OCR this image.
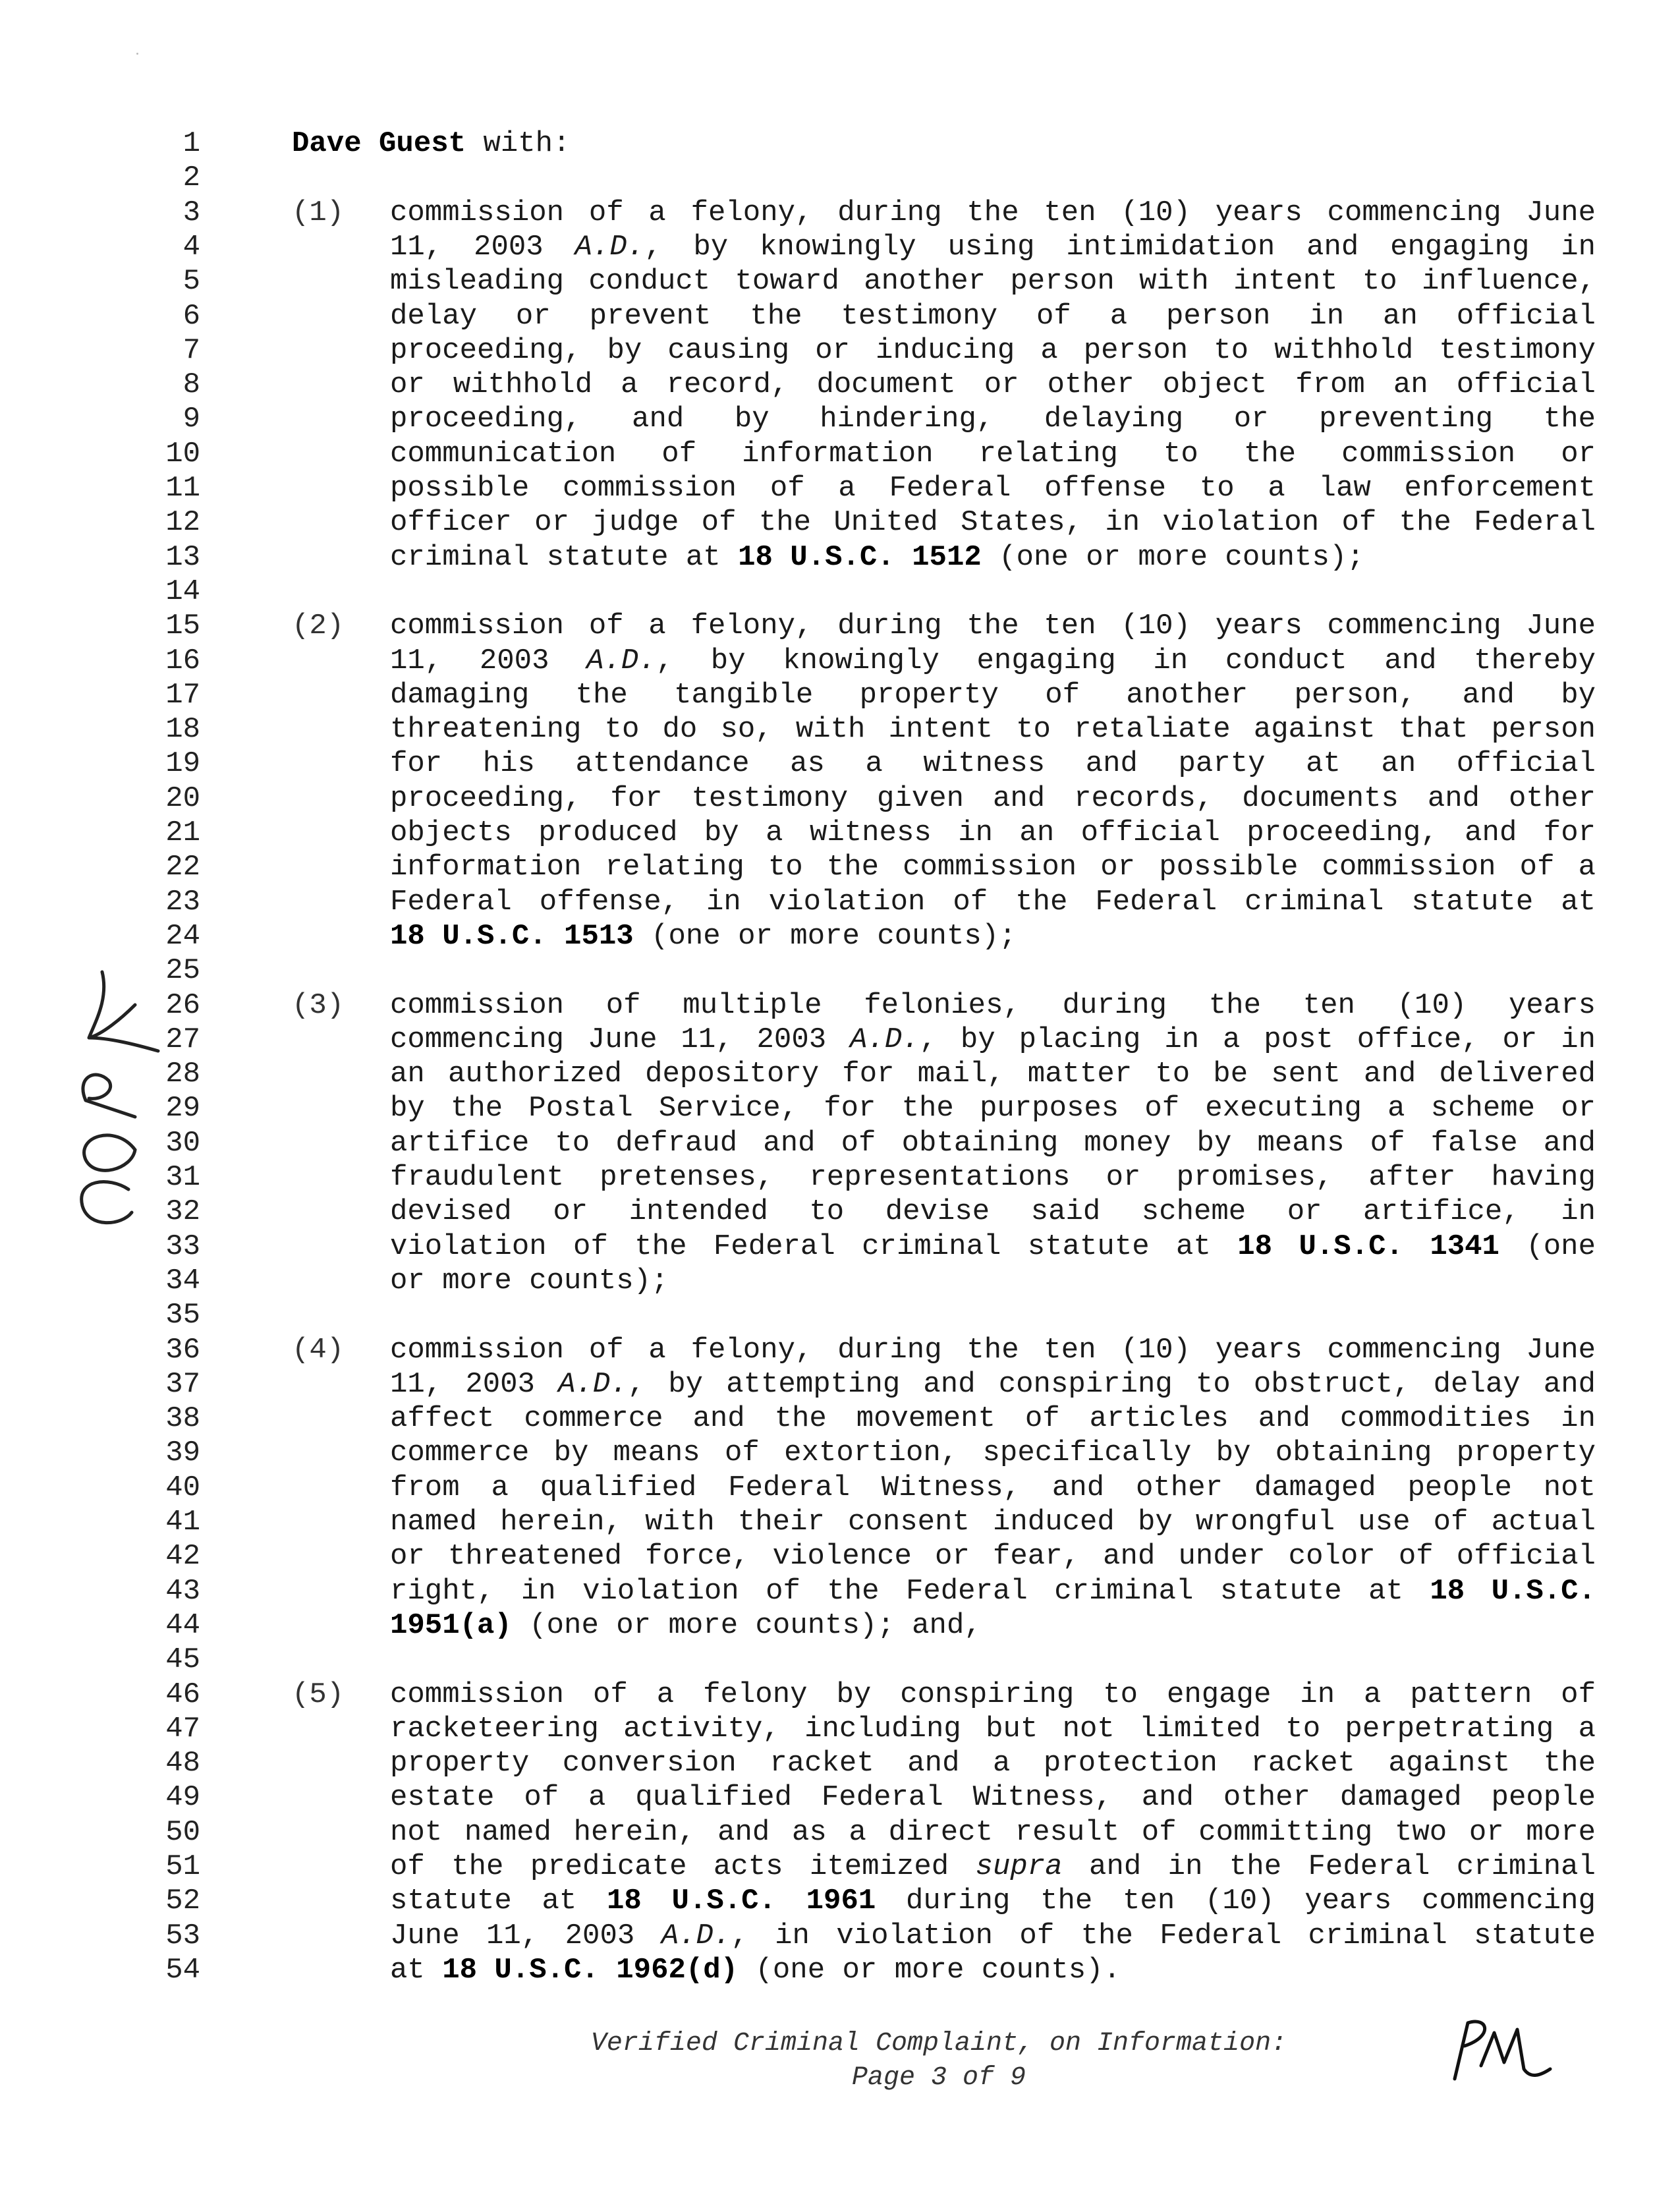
1
2
3
4
5
6
7
8
9
10
11
12
13
14
15
16
17
18
19
20
21
22
23
24
25
26
27
28
29
30
31
32
33
34
35
36
37
38
39
40
41
42
43
44
45
46
47
48
49
50
51
52
53
54
Dave Guest with:
(1)	commission of a felony, during the ten (10) years commencing June
11, 2003 A.D., by knowingly using intimidation and engaging in
misleading conduct toward another person with intent to influence,
delay or prevent the testimony of a person in an official
proceeding, by causing or inducing a person to withhold testimony
or withhold a record, document or other object from an official
proceeding, and by hindering, delaying or preventing the
communication of information relating to the commission or
possible commission of a Federal offense to a law enforcement
officer or judge of the United States, in violation of the Federal
criminal statute at 18 U.S.C. 1512 (one or more counts);
(2)	commission of a felony, during the ten (10) years commencing June
11, 2003 A.D., by knowingly engaging in conduct and thereby
damaging the tangible property of another person, and by
threatening to do so, with intent to retaliate against that person
for his attendance as a witness and party at an official
proceeding, for testimony given and records, documents and other
objects produced by a witness in an official proceeding, and for
information relating to the commission or possible commission of a
Federal offense, in violation of the Federal criminal statute at
18 U.S.C. 1513 (one or more counts);
(3)	commission of multiple felonies, during the ten (10) years
commencing June 11, 2003 A.D., by placing in a post office, or in
an authorized depository for mail, matter to be sent and delivered
by the Postal Service, for the purposes of executing a scheme or
artifice to defraud and of obtaining money by means of false and
fraudulent pretenses, representations or promises, after having
devised or intended to devise said scheme or artifice, in
violation of the Federal criminal statute at 18 U.S.C. 1341 (one
or more counts);
(4)	commission of a felony, during the ten (10) years commencing June
11, 2003 A.D., by attempting and conspiring to obstruct, delay and
affect commerce and the movement of articles and commodities in
commerce by means of extortion, specifically by obtaining property
from a qualified Federal Witness, and other damaged people not
named herein, with their consent induced by wrongful use of actual
or threatened force, violence or fear, and under color of official
right, in violation of the Federal criminal statute at 18 U.S.C.
1951(a) (one or more counts); and,
(5)	commission of a felony by conspiring to engage in a pattern of
racketeering activity, including but not limited to perpetrating a
property conversion racket and a protection racket against the
estate of a qualified Federal Witness, and other damaged people
not named herein, and as a direct result of committing two or more
of the predicate acts itemized supra and in the Federal criminal
statute at 18 U.S.C. 1961 during the ten (10) years commencing
June 11, 2003 A.D., in violation of the Federal criminal statute
at 18 U.S.C. 1962(d) (one or more counts).
Verified Criminal Complaint, on Information:
Page 3 of 9
